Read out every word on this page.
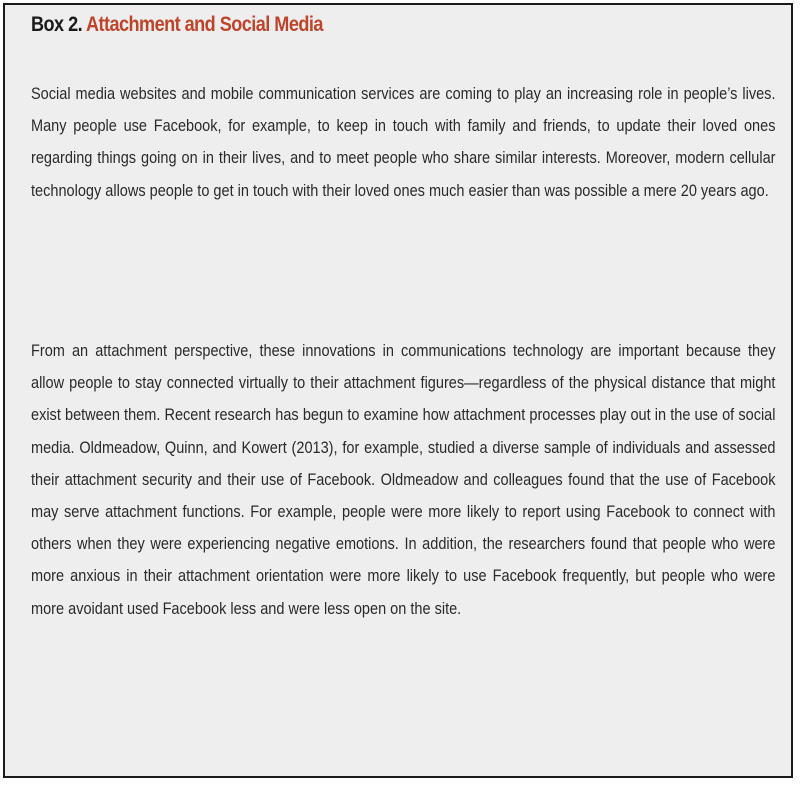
Box 2. Attachment and Social Media

Social media websites and mobile communication services are coming to play an increasing role in people’s lives. Many people use Facebook, for example, to keep in touch with family and friends, to update their loved ones regarding things going on in their lives, and to meet people who share similar interests. Moreover, modern cellular technology allows people to get in touch with their loved ones much easier than was possible a mere 20 years ago.

From an attachment perspective, these innovations in communications technology are important because they allow people to stay connected virtually to their attachment figures—regardless of the physical distance that might exist between them. Recent research has begun to examine how attachment processes play out in the use of social media. Oldmeadow, Quinn, and Kowert (2013), for example, studied a diverse sample of individuals and assessed their attachment security and their use of Facebook. Oldmeadow and colleagues found that the use of Facebook may serve attachment functions. For example, people were more likely to report using Facebook to connect with others when they were experiencing negative emotions. In addition, the researchers found that people who were more anxious in their attachment orientation were more likely to use Facebook frequently, but people who were more avoidant used Facebook less and were less open on the site.
